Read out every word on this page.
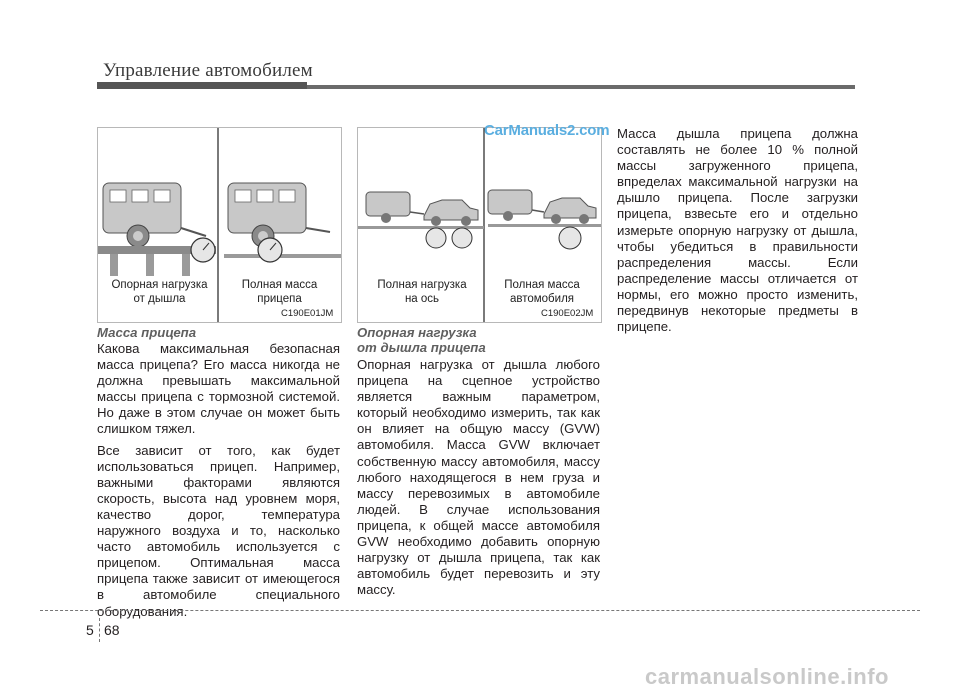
Управление автомобилем
Опорная нагрузка
от дышла
Полная масса
прицепа
C190E01JM
Полная нагрузка
на ось
Полная масса
автомобиля
C190E02JM
CarManuals2.com
Масса прицепа

Какова максимальная безопасная масса прицепа? Его масса никогда не должна превышать максимальной массы прицепа с тормозной системой. Но даже в этом случае он может быть слишком тяжел.

Все зависит от того, как будет использоваться прицеп. Например, важными факторами являются скорость, высота над уровнем моря, качество дорог, температура наружного воздуха и то, насколько часто автомобиль используется с прицепом. Оптимальная масса прицепа также зависит от имеющегося в автомобиле специального оборудования.

Опорная нагрузка
от дышла прицепа

Опорная нагрузка от дышла любого прицепа на сцепное устройство является важным параметром, который необходимо измерить, так как он влияет на общую массу (GVW) автомобиля. Масса GVW включает собственную массу автомобиля, массу любого находящегося в нем груза и массу перевозимых в автомобиле людей. В случае использования прицепа, к общей массе автомобиля GVW необходимо добавить опорную нагрузку от дышла прицепа, так как автомобиль будет перевозить и эту массу.

Масса дышла прицепа должна составлять не более 10 % полной массы загруженного прицепа, впределах максимальной нагрузки на дышло прицепа. После загрузки прицепа, взвесьте его и отдельно измерьте опорную нагрузку от дышла, чтобы убедиться в правильности распределения массы. Если распределение массы отличается от нормы, его можно просто изменить, передвинув некоторые предметы в прицепе.

5 68
carmanualsonline.info
